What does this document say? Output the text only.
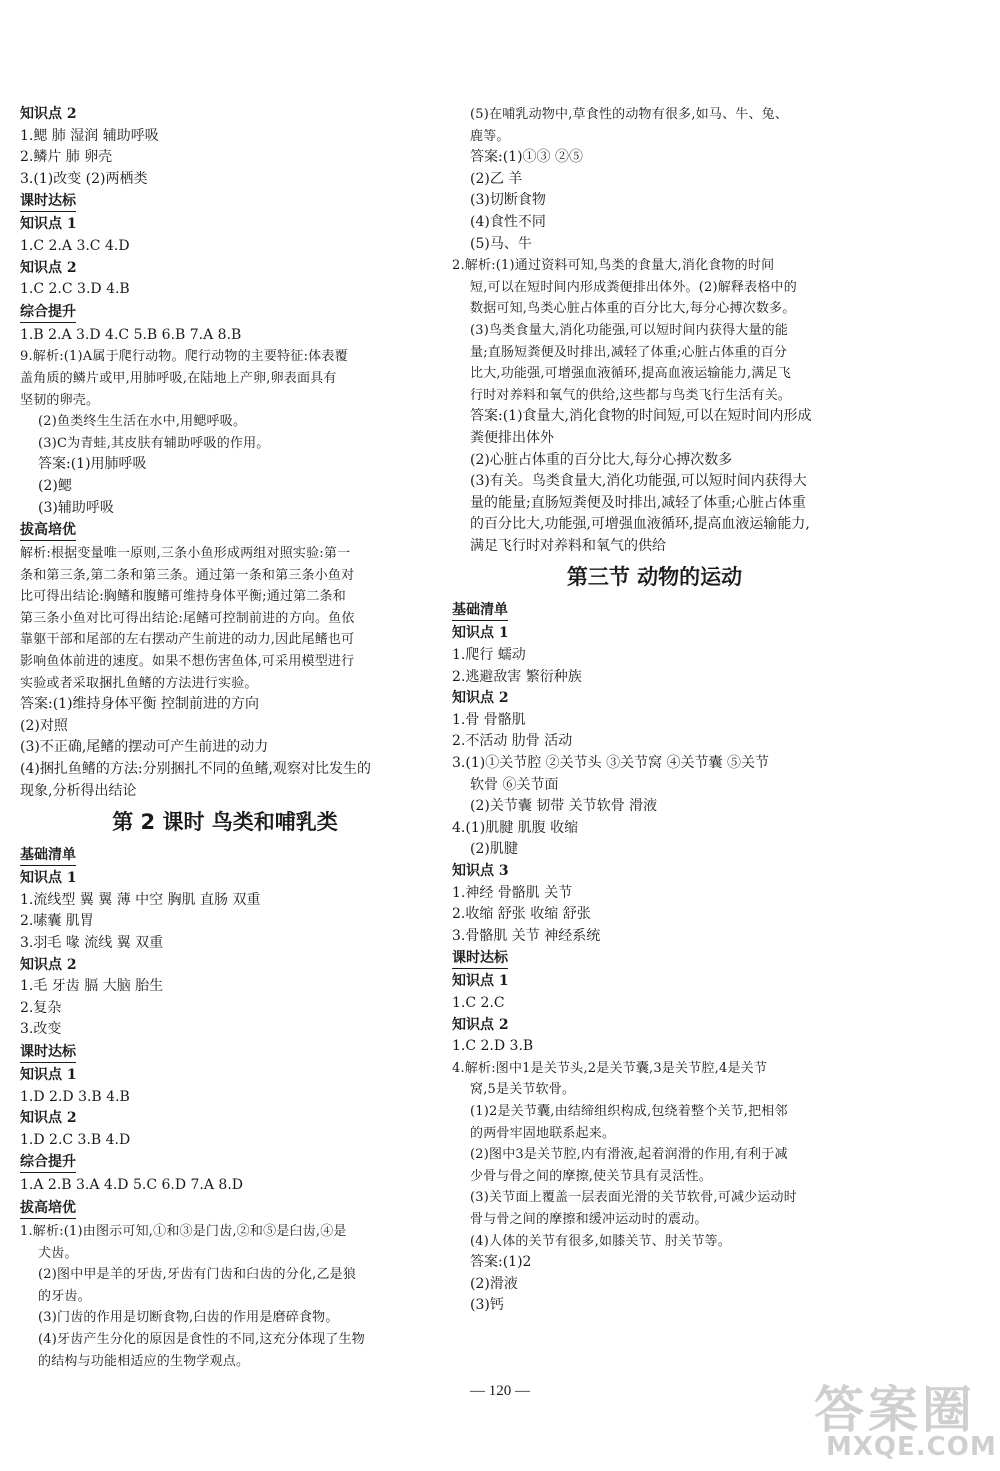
知识点 2
1.鳃 肺 湿润 辅助呼吸
2.鳞片 肺 卵壳
3.(1)改变 (2)两栖类
课时达标
知识点 1
1.C 2.A 3.C 4.D
知识点 2
1.C 2.C 3.D 4.B
综合提升
1.B 2.A 3.D 4.C 5.B 6.B 7.A 8.B
9.解析:(1)A属于爬行动物。爬行动物的主要特征:体表覆
盖角质的鳞片或甲,用肺呼吸,在陆地上产卵,卵表面具有
坚韧的卵壳。
(2)鱼类终生生活在水中,用鳃呼吸。
(3)C为青蛙,其皮肤有辅助呼吸的作用。
答案:(1)用肺呼吸
(2)鳃
(3)辅助呼吸
拔高培优
解析:根据变量唯一原则,三条小鱼形成两组对照实验:第一
条和第三条,第二条和第三条。通过第一条和第三条小鱼对
比可得出结论:胸鳍和腹鳍可维持身体平衡;通过第二条和
第三条小鱼对比可得出结论:尾鳍可控制前进的方向。鱼依
靠躯干部和尾部的左右摆动产生前进的动力,因此尾鳍也可
影响鱼体前进的速度。如果不想伤害鱼体,可采用模型进行
实验或者采取捆扎鱼鳍的方法进行实验。
答案:(1)维持身体平衡 控制前进的方向
(2)对照
(3)不正确,尾鳍的摆动可产生前进的动力
(4)捆扎鱼鳍的方法:分别捆扎不同的鱼鳍,观察对比发生的
现象,分析得出结论
第 2 课时 鸟类和哺乳类
基础清单
知识点 1
1.流线型 翼 翼 薄 中空 胸肌 直肠 双重
2.嗉囊 肌胃
3.羽毛 喙 流线 翼 双重
知识点 2
1.毛 牙齿 膈 大脑 胎生
2.复杂
3.改变
课时达标
知识点 1
1.D 2.D 3.B 4.B
知识点 2
1.D 2.C 3.B 4.D
综合提升
1.A 2.B 3.A 4.D 5.C 6.D 7.A 8.D
拔高培优
1.解析:(1)由图示可知,①和③是门齿,②和⑤是臼齿,④是
犬齿。
(2)图中甲是羊的牙齿,牙齿有门齿和臼齿的分化,乙是狼
的牙齿。
(3)门齿的作用是切断食物,臼齿的作用是磨碎食物。
(4)牙齿产生分化的原因是食性的不同,这充分体现了生物
的结构与功能相适应的生物学观点。
(5)在哺乳动物中,草食性的动物有很多,如马、牛、兔、
鹿等。
答案:(1)①③ ②⑤
(2)乙 羊
(3)切断食物
(4)食性不同
(5)马、牛
2.解析:(1)通过资料可知,鸟类的食量大,消化食物的时间
短,可以在短时间内形成粪便排出体外。(2)解释表格中的
数据可知,鸟类心脏占体重的百分比大,每分心搏次数多。
(3)鸟类食量大,消化功能强,可以短时间内获得大量的能
量;直肠短粪便及时排出,减轻了体重;心脏占体重的百分
比大,功能强,可增强血液循环,提高血液运输能力,满足飞
行时对养料和氧气的供给,这些都与鸟类飞行生活有关。
答案:(1)食量大,消化食物的时间短,可以在短时间内形成
粪便排出体外
(2)心脏占体重的百分比大,每分心搏次数多
(3)有关。鸟类食量大,消化功能强,可以短时间内获得大
量的能量;直肠短粪便及时排出,减轻了体重;心脏占体重
的百分比大,功能强,可增强血液循环,提高血液运输能力,
满足飞行时对养料和氧气的供给
第三节 动物的运动
基础清单
知识点 1
1.爬行 蠕动
2.逃避敌害 繁衍种族
知识点 2
1.骨 骨骼肌
2.不活动 肋骨 活动
3.(1)①关节腔 ②关节头 ③关节窝 ④关节囊 ⑤关节
软骨 ⑥关节面
(2)关节囊 韧带 关节软骨 滑液
4.(1)肌腱 肌腹 收缩
(2)肌腱
知识点 3
1.神经 骨骼肌 关节
2.收缩 舒张 收缩 舒张
3.骨骼肌 关节 神经系统
课时达标
知识点 1
1.C 2.C
知识点 2
1.C 2.D 3.B
4.解析:图中1是关节头,2是关节囊,3是关节腔,4是关节
窝,5是关节软骨。
(1)2是关节囊,由结缔组织构成,包绕着整个关节,把相邻
的两骨牢固地联系起来。
(2)图中3是关节腔,内有滑液,起着润滑的作用,有利于减
少骨与骨之间的摩擦,使关节具有灵活性。
(3)关节面上覆盖一层表面光滑的关节软骨,可减少运动时
骨与骨之间的摩擦和缓冲运动时的震动。
(4)人体的关节有很多,如膝关节、肘关节等。
答案:(1)2
(2)滑液
(3)钙
— 120 —	答案圈
MXQE.COM
